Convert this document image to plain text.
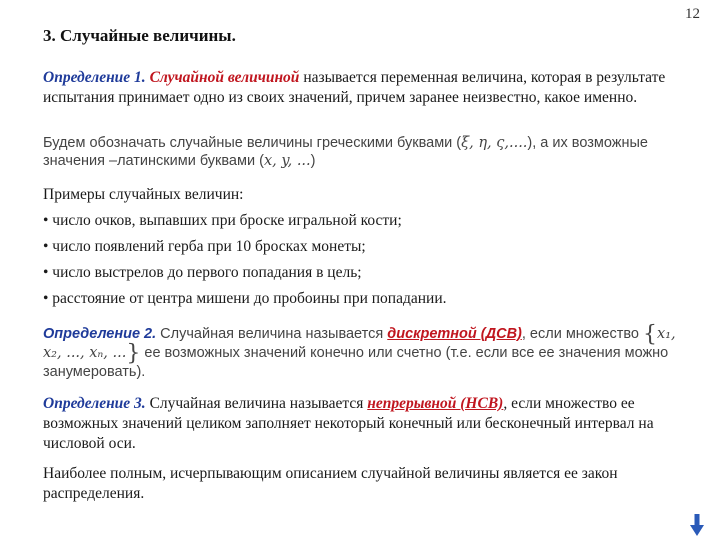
12
3. Случайные величины.
Определение 1. Случайной величиной называется переменная величина, которая в результате испытания принимает одно из своих значений, причем заранее неизвестно, какое именно.
Будем обозначать случайные величины греческими буквами (ξ, η, ς,....), а их возможные значения –латинскими буквами (x, y, ...)
Примеры случайных величин:
• число очков, выпавших при броске игральной кости;
• число появлений герба при 10 бросках монеты;
• число выстрелов до первого попадания в цель;
• расстояние от центра мишени до пробоины при попадании.
Определение 2. Случайная величина называется дискретной (ДСВ), если множество {x₁, x₂, ..., xₙ, ...} ее возможных значений конечно или счетно (т.е. если все ее значения можно занумеровать).
Определение 3. Случайная величина называется непрерывной (НСВ), если множество ее возможных значений целиком заполняет некоторый конечный или бесконечный интервал на числовой оси.
Наиболее полным, исчерпывающим описанием случайной величины является ее закон распределения.
